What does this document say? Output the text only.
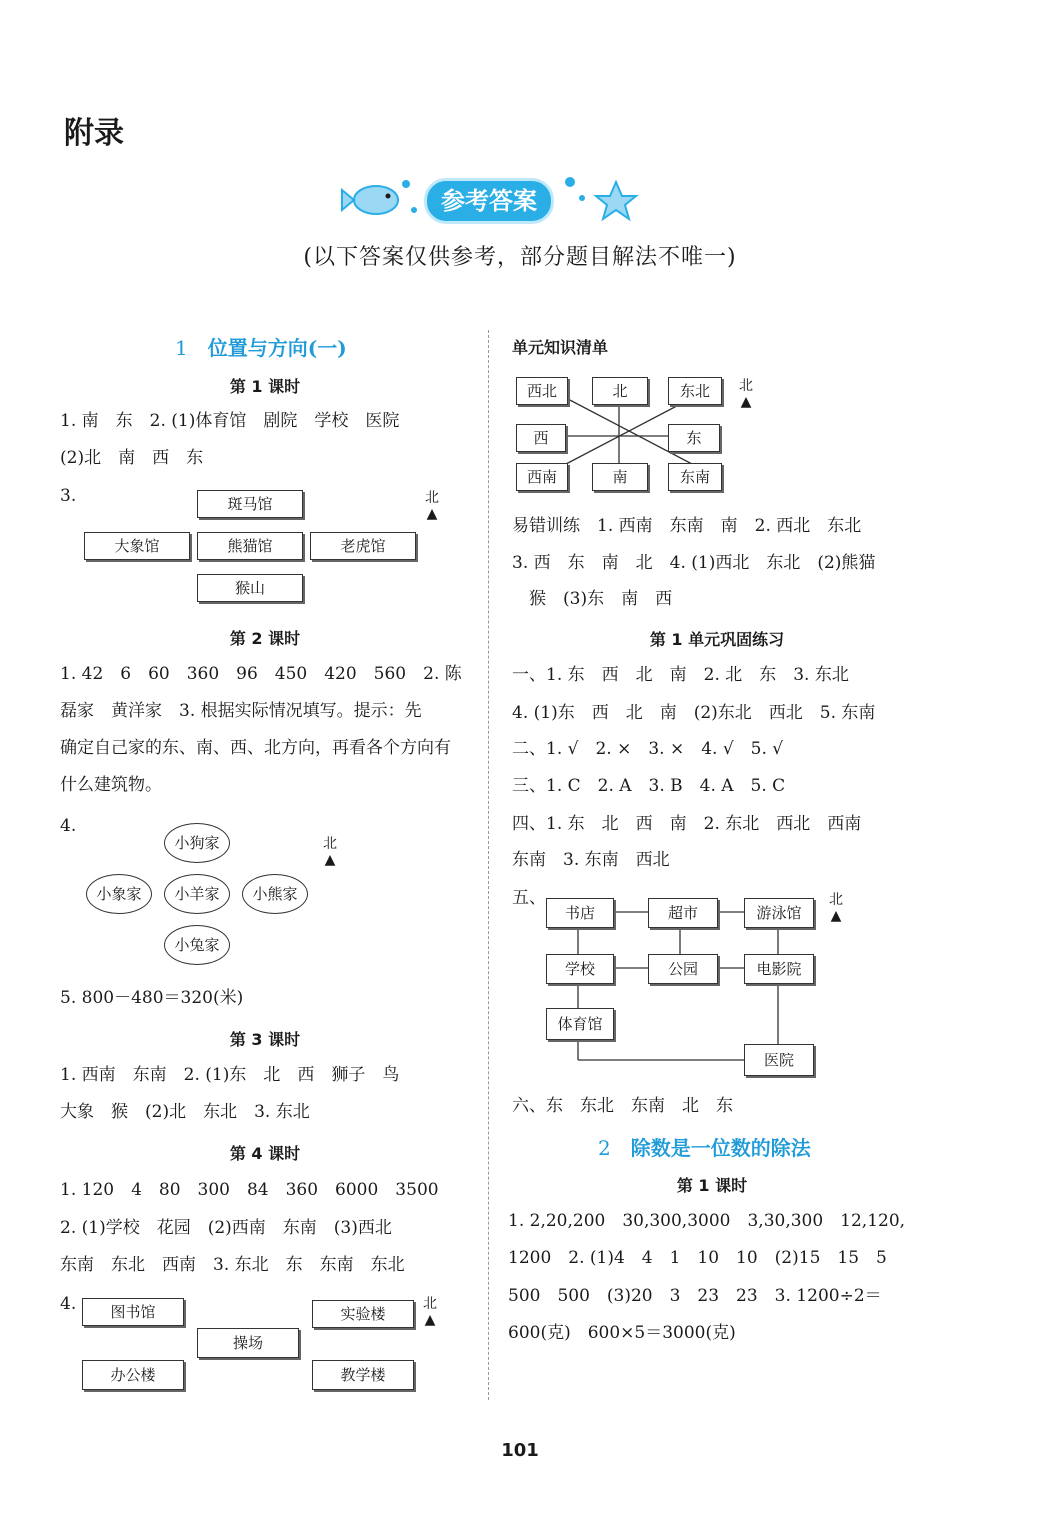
附录
参考答案
(以下答案仅供参考，部分题目解法不唯一)
1 位置与方向(一)
第 1 课时
1. 南　东　2. (1)体育馆　剧院　学校　医院
(2)北　南　西　东
3.	斑马馆
大象馆	熊猫馆	老虎馆
猴山
北
▲
第 2 课时
1. 42　6　60　360　96　450　420　560　2. 陈
磊家　黄洋家　3. 根据实际情况填写。提示：先
确定自己家的东、南、西、北方向，再看各个方向有
什么建筑物。
4.
小狗家
小象家	小羊家	小熊家
小兔家
北
▲
5. 800－480＝320(米)
第 3 课时
1. 西南　东南　2. (1)东　北　西　狮子　鸟
大象　猴　(2)北　东北　3. 东北
第 4 课时
1. 120　4　80　300　84　360　6000　3500
2. (1)学校　花园　(2)西南　东南　(3)西北
东南　东北　西南　3. 东北　东　东南　东北
4.	图书馆	实验楼
操场
办公楼	教学楼
北
▲
单元知识清单
西北	北	东北
西	东
西南	南	东南
北
▲
易错训练　1. 西南　东南　南　2. 西北　东北
3. 西　东　南　北　4. (1)西北　东北　(2)熊猫
　猴　(3)东　南　西
第 1 单元巩固练习
一、1. 东　西　北　南　2. 北　东　3. 东北
4. (1)东　西　北　南　(2)东北　西北　5. 东南
二、1. √　2. ×　3. ×　4. √　5. √
三、1. C　2. A　3. B　4. A　5. C
四、1. 东　北　西　南　2. 东北　西北　西南
东南　3. 东南　西北
五、
书店	超市	游泳馆
学校	公园	电影院
体育馆
医院
北
▲
六、东　东北　东南　北　东
2 除数是一位数的除法
第 1 课时
1. 2,20,200　30,300,3000　3,30,300　12,120,
1200　2. (1)4　4　1　10　10　(2)15　15　5
500　500　(3)20　3　23　23　3. 1200÷2＝
600(克)　600×5＝3000(克)
101
